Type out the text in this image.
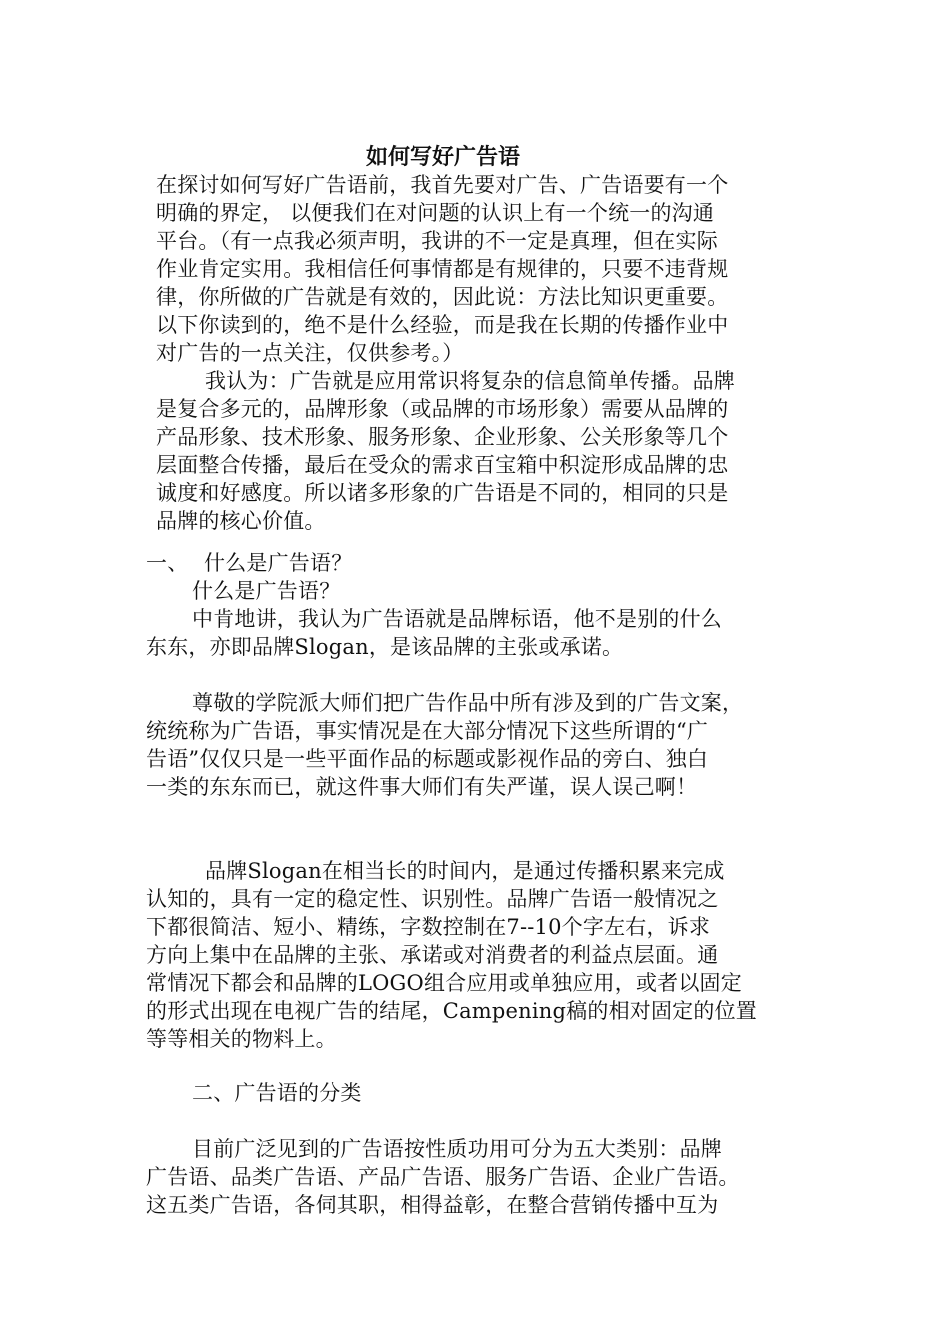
如何写好广告语
在探讨如何写好广告语前，我首先要对广告、广告语要有一个
明确的界定， 以便我们在对问题的认识上有一个统一的沟通
平台。（有一点我必须声明，我讲的不一定是真理，但在实际
作业肯定实用。我相信任何事情都是有规律的，只要不违背规
律，你所做的广告就是有效的，因此说：方法比知识更重要。
以下你读到的，绝不是什么经验，而是我在长期的传播作业中
对广告的一点关注，仅供参考。）
我认为：广告就是应用常识将复杂的信息简单传播。品牌
是复合多元的，品牌形象（或品牌的市场形象）需要从品牌的
产品形象、技术形象、服务形象、企业形象、公关形象等几个
层面整合传播，最后在受众的需求百宝箱中积淀形成品牌的忠
诚度和好感度。所以诸多形象的广告语是不同的，相同的只是
品牌的核心价值。
一、 什么是广告语？
什么是广告语？
中肯地讲，我认为广告语就是品牌标语，他不是别的什么
东东，亦即品牌Slogan，是该品牌的主张或承诺。
尊敬的学院派大师们把广告作品中所有涉及到的广告文案，
统统称为广告语，事实情况是在大部分情况下这些所谓的“广
告语”仅仅只是一些平面作品的标题或影视作品的旁白、独白
一类的东东而已，就这件事大师们有失严谨，误人误己啊！
品牌Slogan在相当长的时间内，是通过传播积累来完成
认知的，具有一定的稳定性、识别性。品牌广告语一般情况之
下都很简洁、短小、精练，字数控制在7--10个字左右，诉求
方向上集中在品牌的主张、承诺或对消费者的利益点层面。通
常情况下都会和品牌的LOGO组合应用或单独应用，或者以固定
的形式出现在电视广告的结尾，Campening稿的相对固定的位置
等等相关的物料上。
二、广告语的分类
目前广泛见到的广告语按性质功用可分为五大类别：品牌
广告语、品类广告语、产品广告语、服务广告语、企业广告语。
这五类广告语，各伺其职，相得益彰，在整合营销传播中互为
